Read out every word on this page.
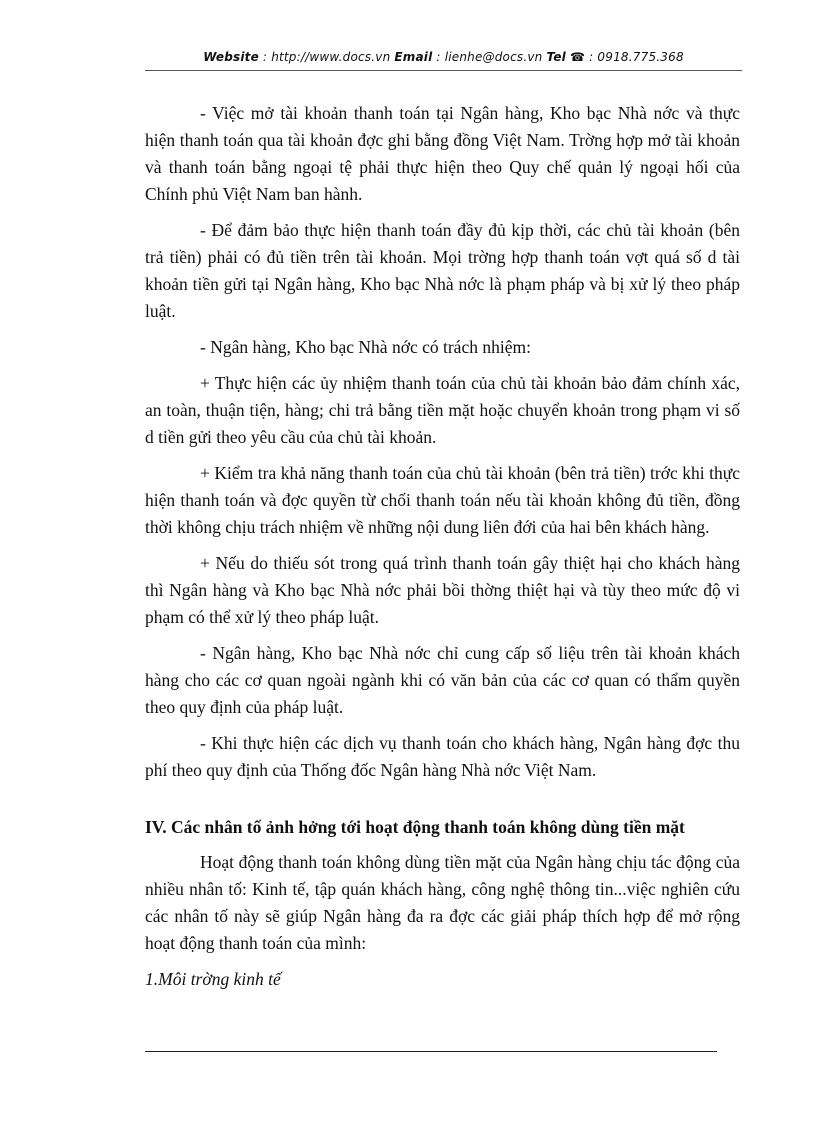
Website : http://www.docs.vn Email : lienhe@docs.vn Tel ☎ : 0918.775.368

- Việc mở tài khoản thanh toán tại Ngân hàng, Kho bạc Nhà nớc và thực hiện thanh toán qua tài khoản đợc ghi bằng đồng Việt Nam. Trờng hợp mở tài khoản và thanh toán bằng ngoại tệ phải thực hiện theo Quy chế quản lý ngoại hối của Chính phủ Việt Nam ban hành.

- Để đảm bảo thực hiện thanh toán đầy đủ kịp thời, các chủ tài khoản (bên trả tiền) phải có đủ tiền trên tài khoản. Mọi trờng hợp thanh toán vợt quá số d tài khoản tiền gửi tại Ngân hàng, Kho bạc Nhà nớc là phạm pháp và bị xử lý theo pháp luật.

- Ngân hàng, Kho bạc Nhà nớc có trách nhiệm:

+ Thực hiện các ủy nhiệm thanh toán của chủ tài khoản bảo đảm chính xác, an toàn, thuận tiện, hàng; chi trả bằng tiền mặt hoặc chuyển khoản trong phạm vi số d tiền gửi theo yêu cầu của chủ tài khoản.

+ Kiểm tra khả năng thanh toán của chủ tài khoản (bên trả tiền) trớc khi thực hiện thanh toán và đợc quyền từ chối thanh toán nếu tài khoản không đủ tiền, đồng thời không chịu trách nhiệm về những nội dung liên đới của hai bên khách hàng.

+ Nếu do thiếu sót trong quá trình thanh toán gây thiệt hại cho khách hàng thì Ngân hàng và Kho bạc Nhà nớc phải bồi thờng thiệt hại và tùy theo mức độ vi phạm có thể xử lý theo pháp luật.

- Ngân hàng, Kho bạc Nhà nớc chỉ cung cấp số liệu trên tài khoản khách hàng cho các cơ quan ngoài ngành khi có văn bản của các cơ quan có thẩm quyền theo quy định của pháp luật.

- Khi thực hiện các dịch vụ thanh toán cho khách hàng, Ngân hàng đợc thu phí theo quy định của Thống đốc Ngân hàng Nhà nớc Việt Nam.

IV. Các nhân tố ảnh hởng tới hoạt động thanh toán không dùng tiền mặt

Hoạt động thanh toán không dùng tiền mặt của Ngân hàng chịu tác động của nhiều nhân tố: Kinh tế, tập quán khách hàng, công nghệ thông tin...việc nghiên cứu các nhân tố này sẽ giúp Ngân hàng đa ra đợc các giải pháp thích hợp để mở rộng hoạt động thanh toán của mình:

1.Môi trờng kinh tế
